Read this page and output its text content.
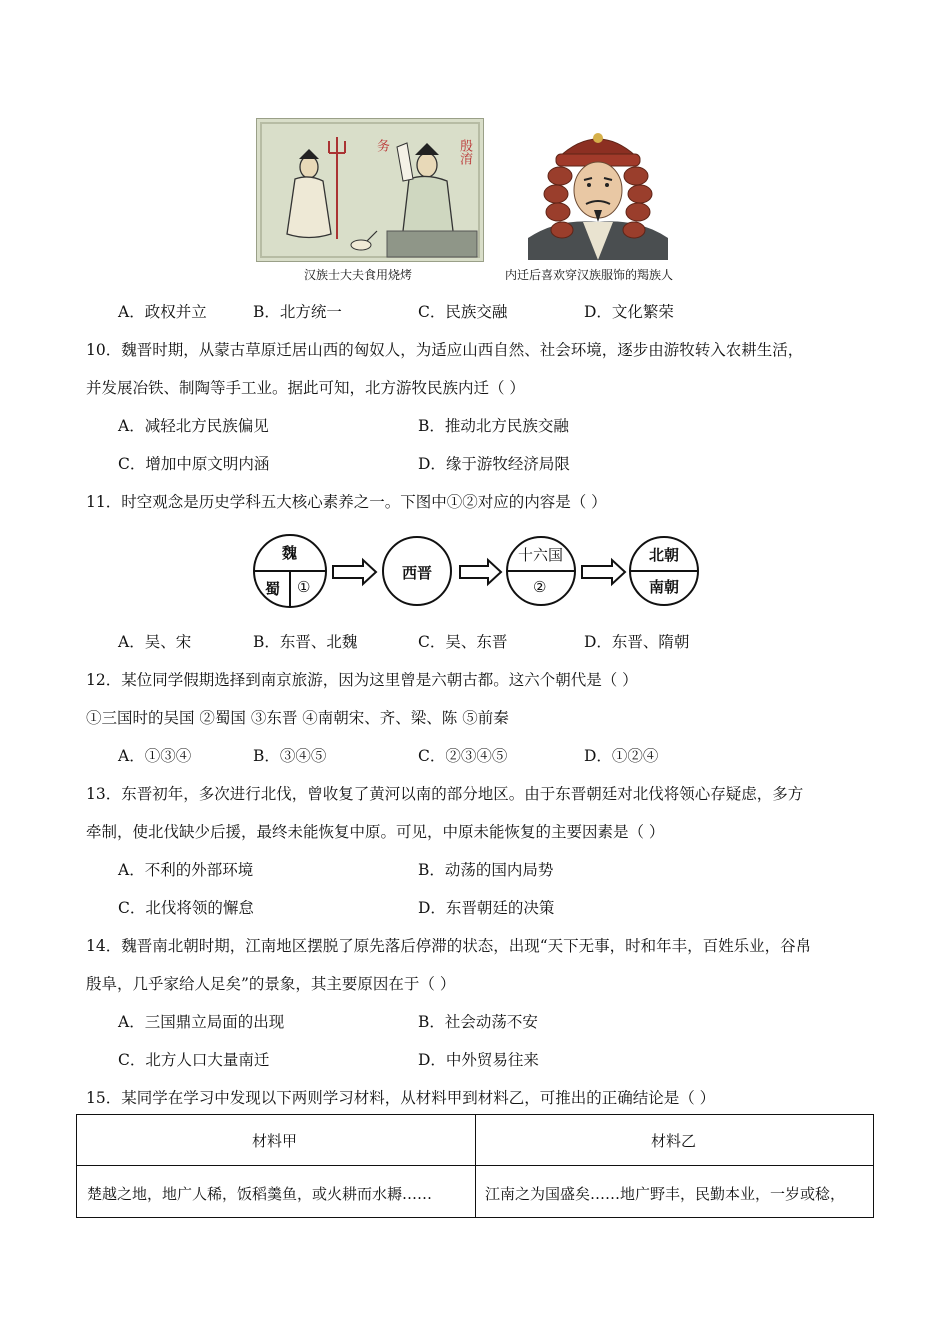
务	殷淯
汉族士大夫食用烧烤	内迁后喜欢穿汉族服饰的羯族人
A．政权并立	B．北方统一	C．民族交融	D．文化繁荣
10．魏晋时期，从蒙古草原迁居山西的匈奴人，为适应山西自然、社会环境，逐步由游牧转入农耕生活，
并发展冶铁、制陶等手工业。据此可知，北方游牧民族内迁（ ）
A．减轻北方民族偏见	B．推动北方民族交融
C．增加中原文明内涵	D．缘于游牧经济局限
11．时空观念是历史学科五大核心素养之一。下图中①②对应的内容是（ ）
魏
蜀 ①
西晋
十六国
②
北朝
南朝
A．吴、宋	B．东晋、北魏	C．吴、东晋	D．东晋、隋朝
12．某位同学假期选择到南京旅游，因为这里曾是六朝古都。这六个朝代是（ ）
①三国时的吴国 ②蜀国 ③东晋 ④南朝宋、齐、梁、陈 ⑤前秦
A．①③④	B．③④⑤	C．②③④⑤	D．①②④
13．东晋初年，多次进行北伐，曾收复了黄河以南的部分地区。由于东晋朝廷对北伐将领心存疑虑，多方
牵制，使北伐缺少后援，最终未能恢复中原。可见，中原未能恢复的主要因素是（ ）
A．不利的外部环境	B．动荡的国内局势
C．北伐将领的懈怠	D．东晋朝廷的决策
14．魏晋南北朝时期，江南地区摆脱了原先落后停滞的状态，出现“天下无事，时和年丰，百姓乐业，谷帛
殷阜，几乎家给人足矣”的景象，其主要原因在于（ ）
A．三国鼎立局面的出现	B．社会动荡不安
C．北方人口大量南迁	D．中外贸易往来
15．某同学在学习中发现以下两则学习材料，从材料甲到材料乙，可推出的正确结论是（ ）
材料甲	材料乙
楚越之地，地广人稀，饭稻羹鱼，或火耕而水耨……	江南之为国盛矣……地广野丰，民勤本业，一岁或稔，
